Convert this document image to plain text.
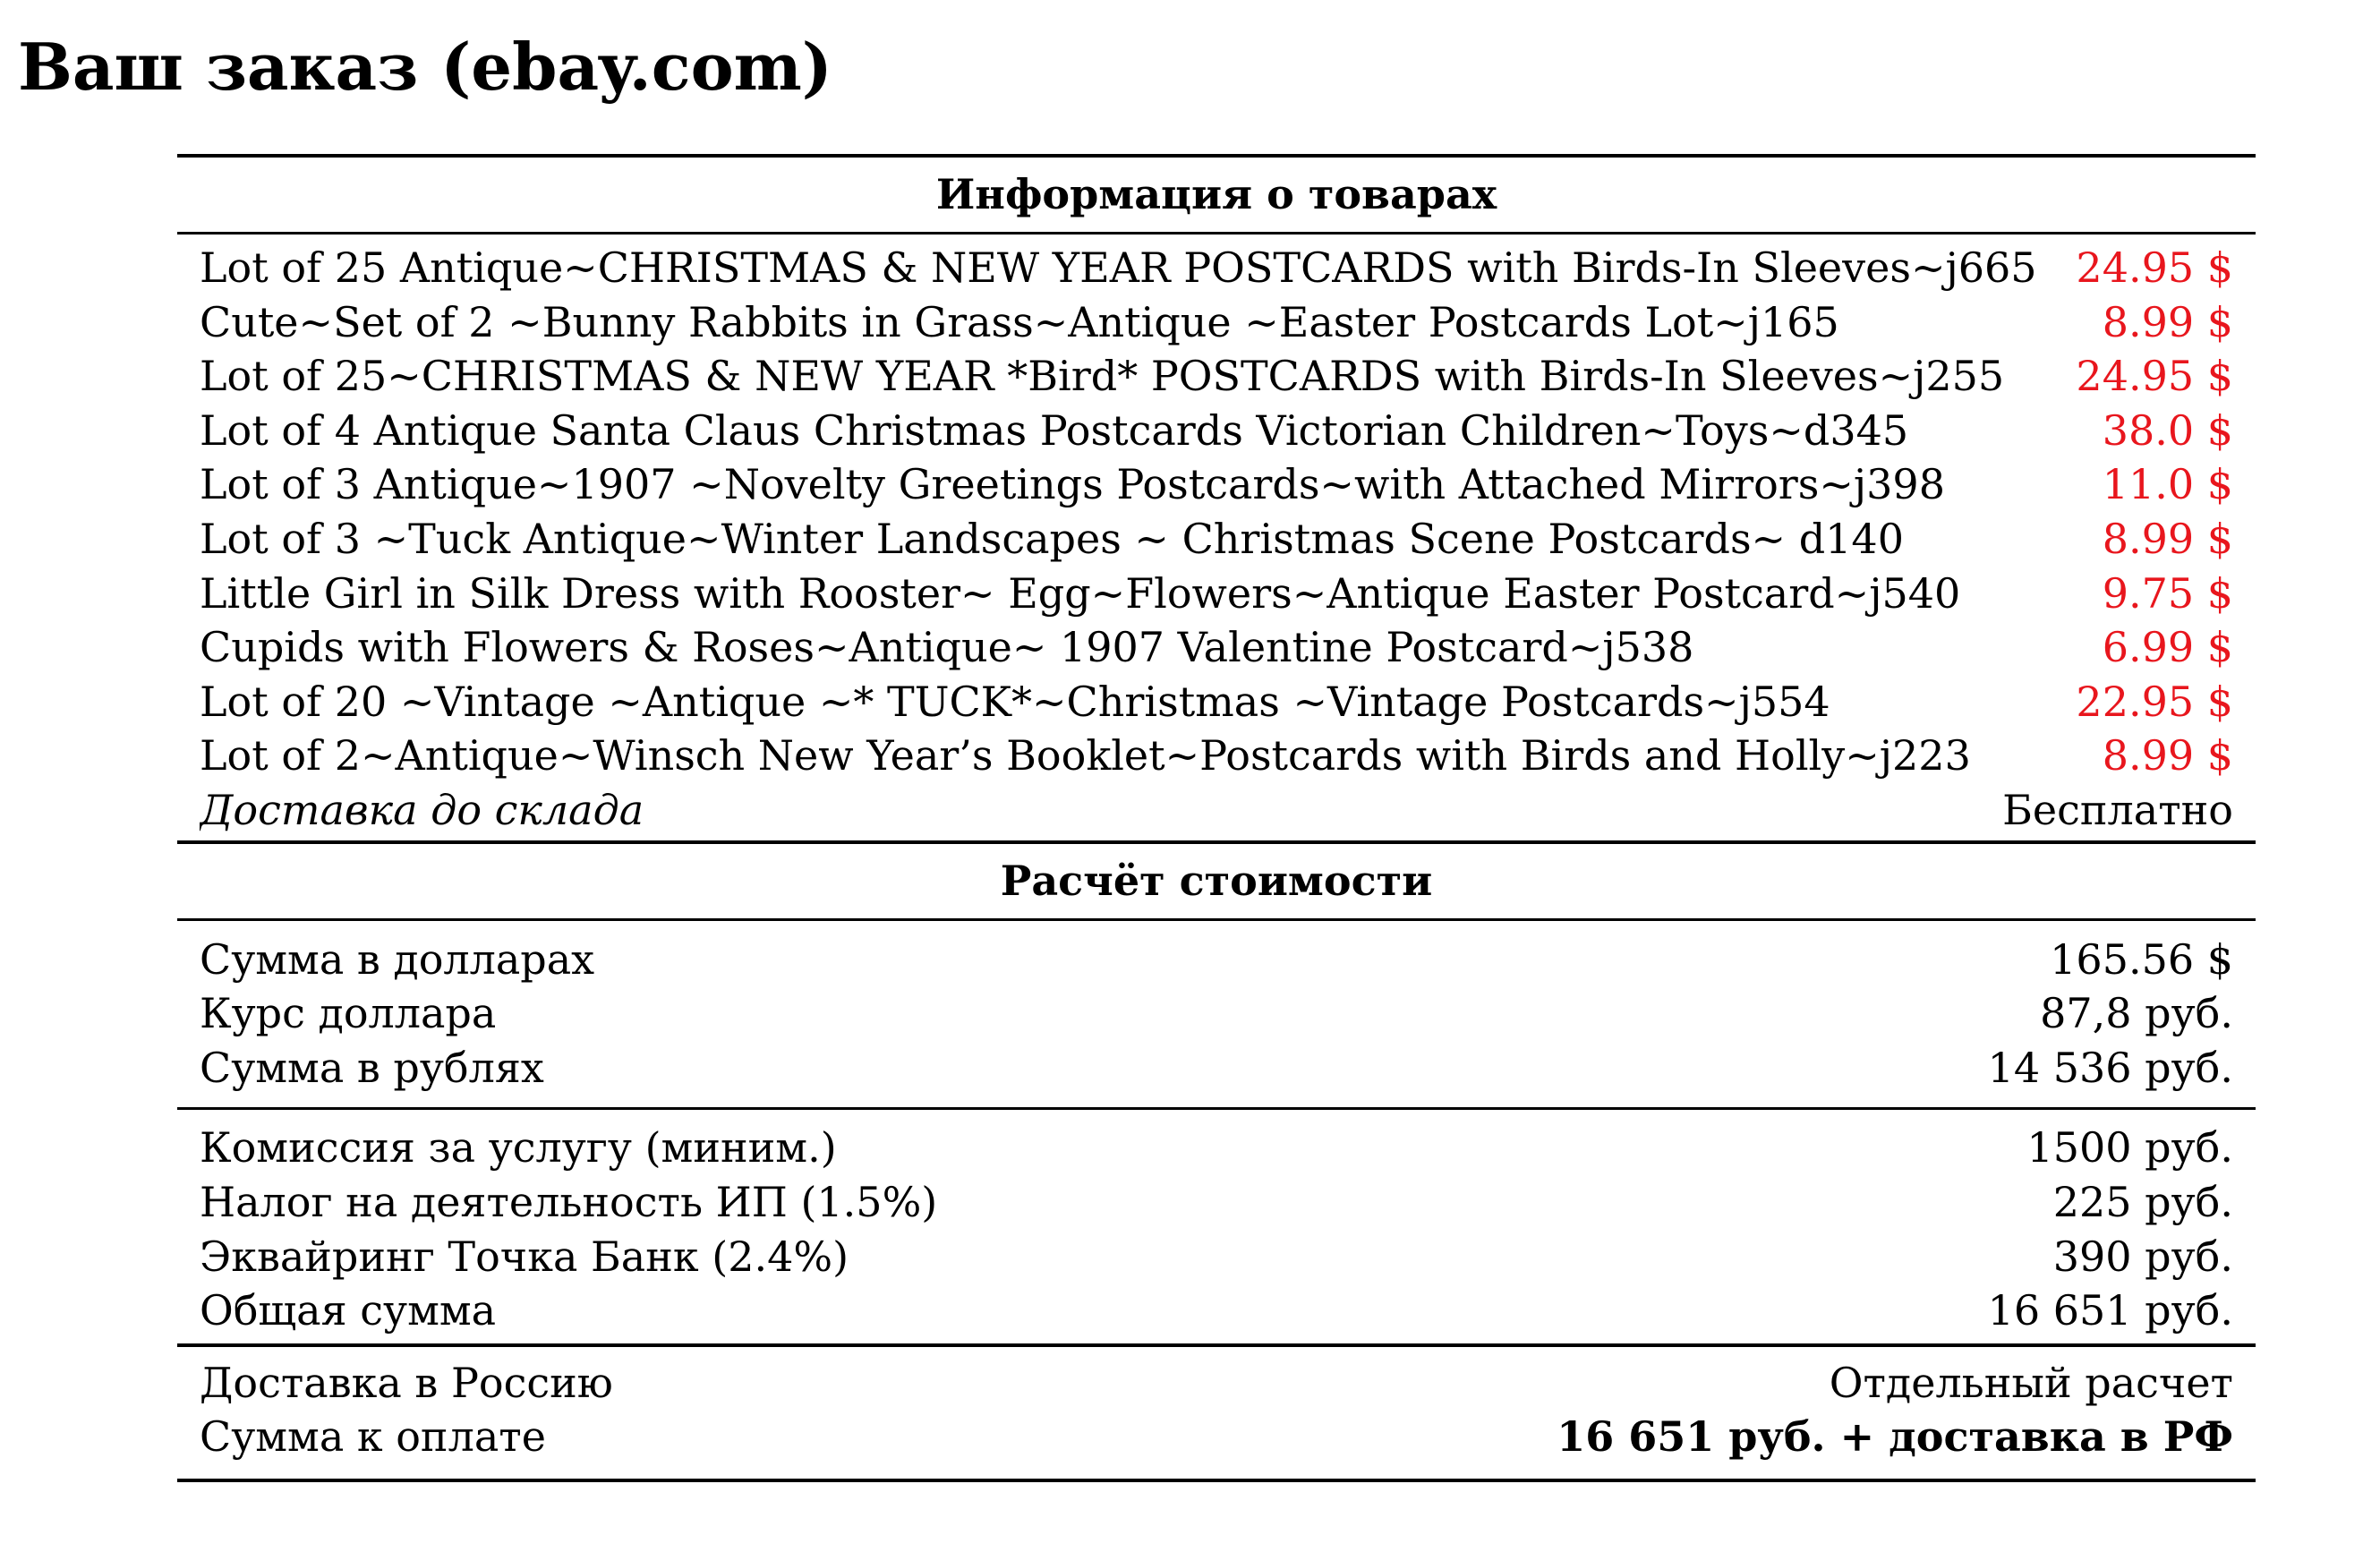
Ваш заказ (ebay.com)
Информация о товарах
Lot of 25 Antique~CHRISTMAS & NEW YEAR POSTCARDS with Birds-In Sleeves~j665 24.95 $
Cute~Set of 2 ~Bunny Rabbits in Grass~Antique ~Easter Postcards Lot~j165	8.99 $
Lot of 25~CHRISTMAS & NEW YEAR *Bird* POSTCARDS with Birds-In Sleeves~j255	24.95 $
Lot of 4 Antique Santa Claus Christmas Postcards Victorian Children~Toys~d345	38.0 $
Lot of 3 Antique~1907 ~Novelty Greetings Postcards~with Attached Mirrors~j398	11.0 $
Lot of 3 ~Tuck Antique~Winter Landscapes ~ Christmas Scene Postcards~ d140	8.99 $
Little Girl in Silk Dress with Rooster~ Egg~Flowers~Antique Easter Postcard~j540	9.75 $
Cupids with Flowers & Roses~Antique~ 1907 Valentine Postcard~j538	6.99 $
Lot of 20 ~Vintage ~Antique ~* TUCK*~Christmas ~Vintage Postcards~j554	22.95 $
Lot of 2~Antique~Winsch New Year’s Booklet~Postcards with Birds and Holly~j223	8.99 $
Доставка до склада	Бесплатно
Расчёт стоимости
Сумма в долларах	165.56 $
Курс доллара	87,8 руб.
Сумма в рублях	14 536 руб.
Комиссия за услугу (миним.)	1500 руб.
Налог на деятельность ИП (1.5%)	225 руб.
Эквайринг Точка Банк (2.4%)	390 руб.
Общая сумма	16 651 руб.
Доставка в Россию	Отдельный расчет
Сумма к оплате	16 651 руб. + доставка в РФ
